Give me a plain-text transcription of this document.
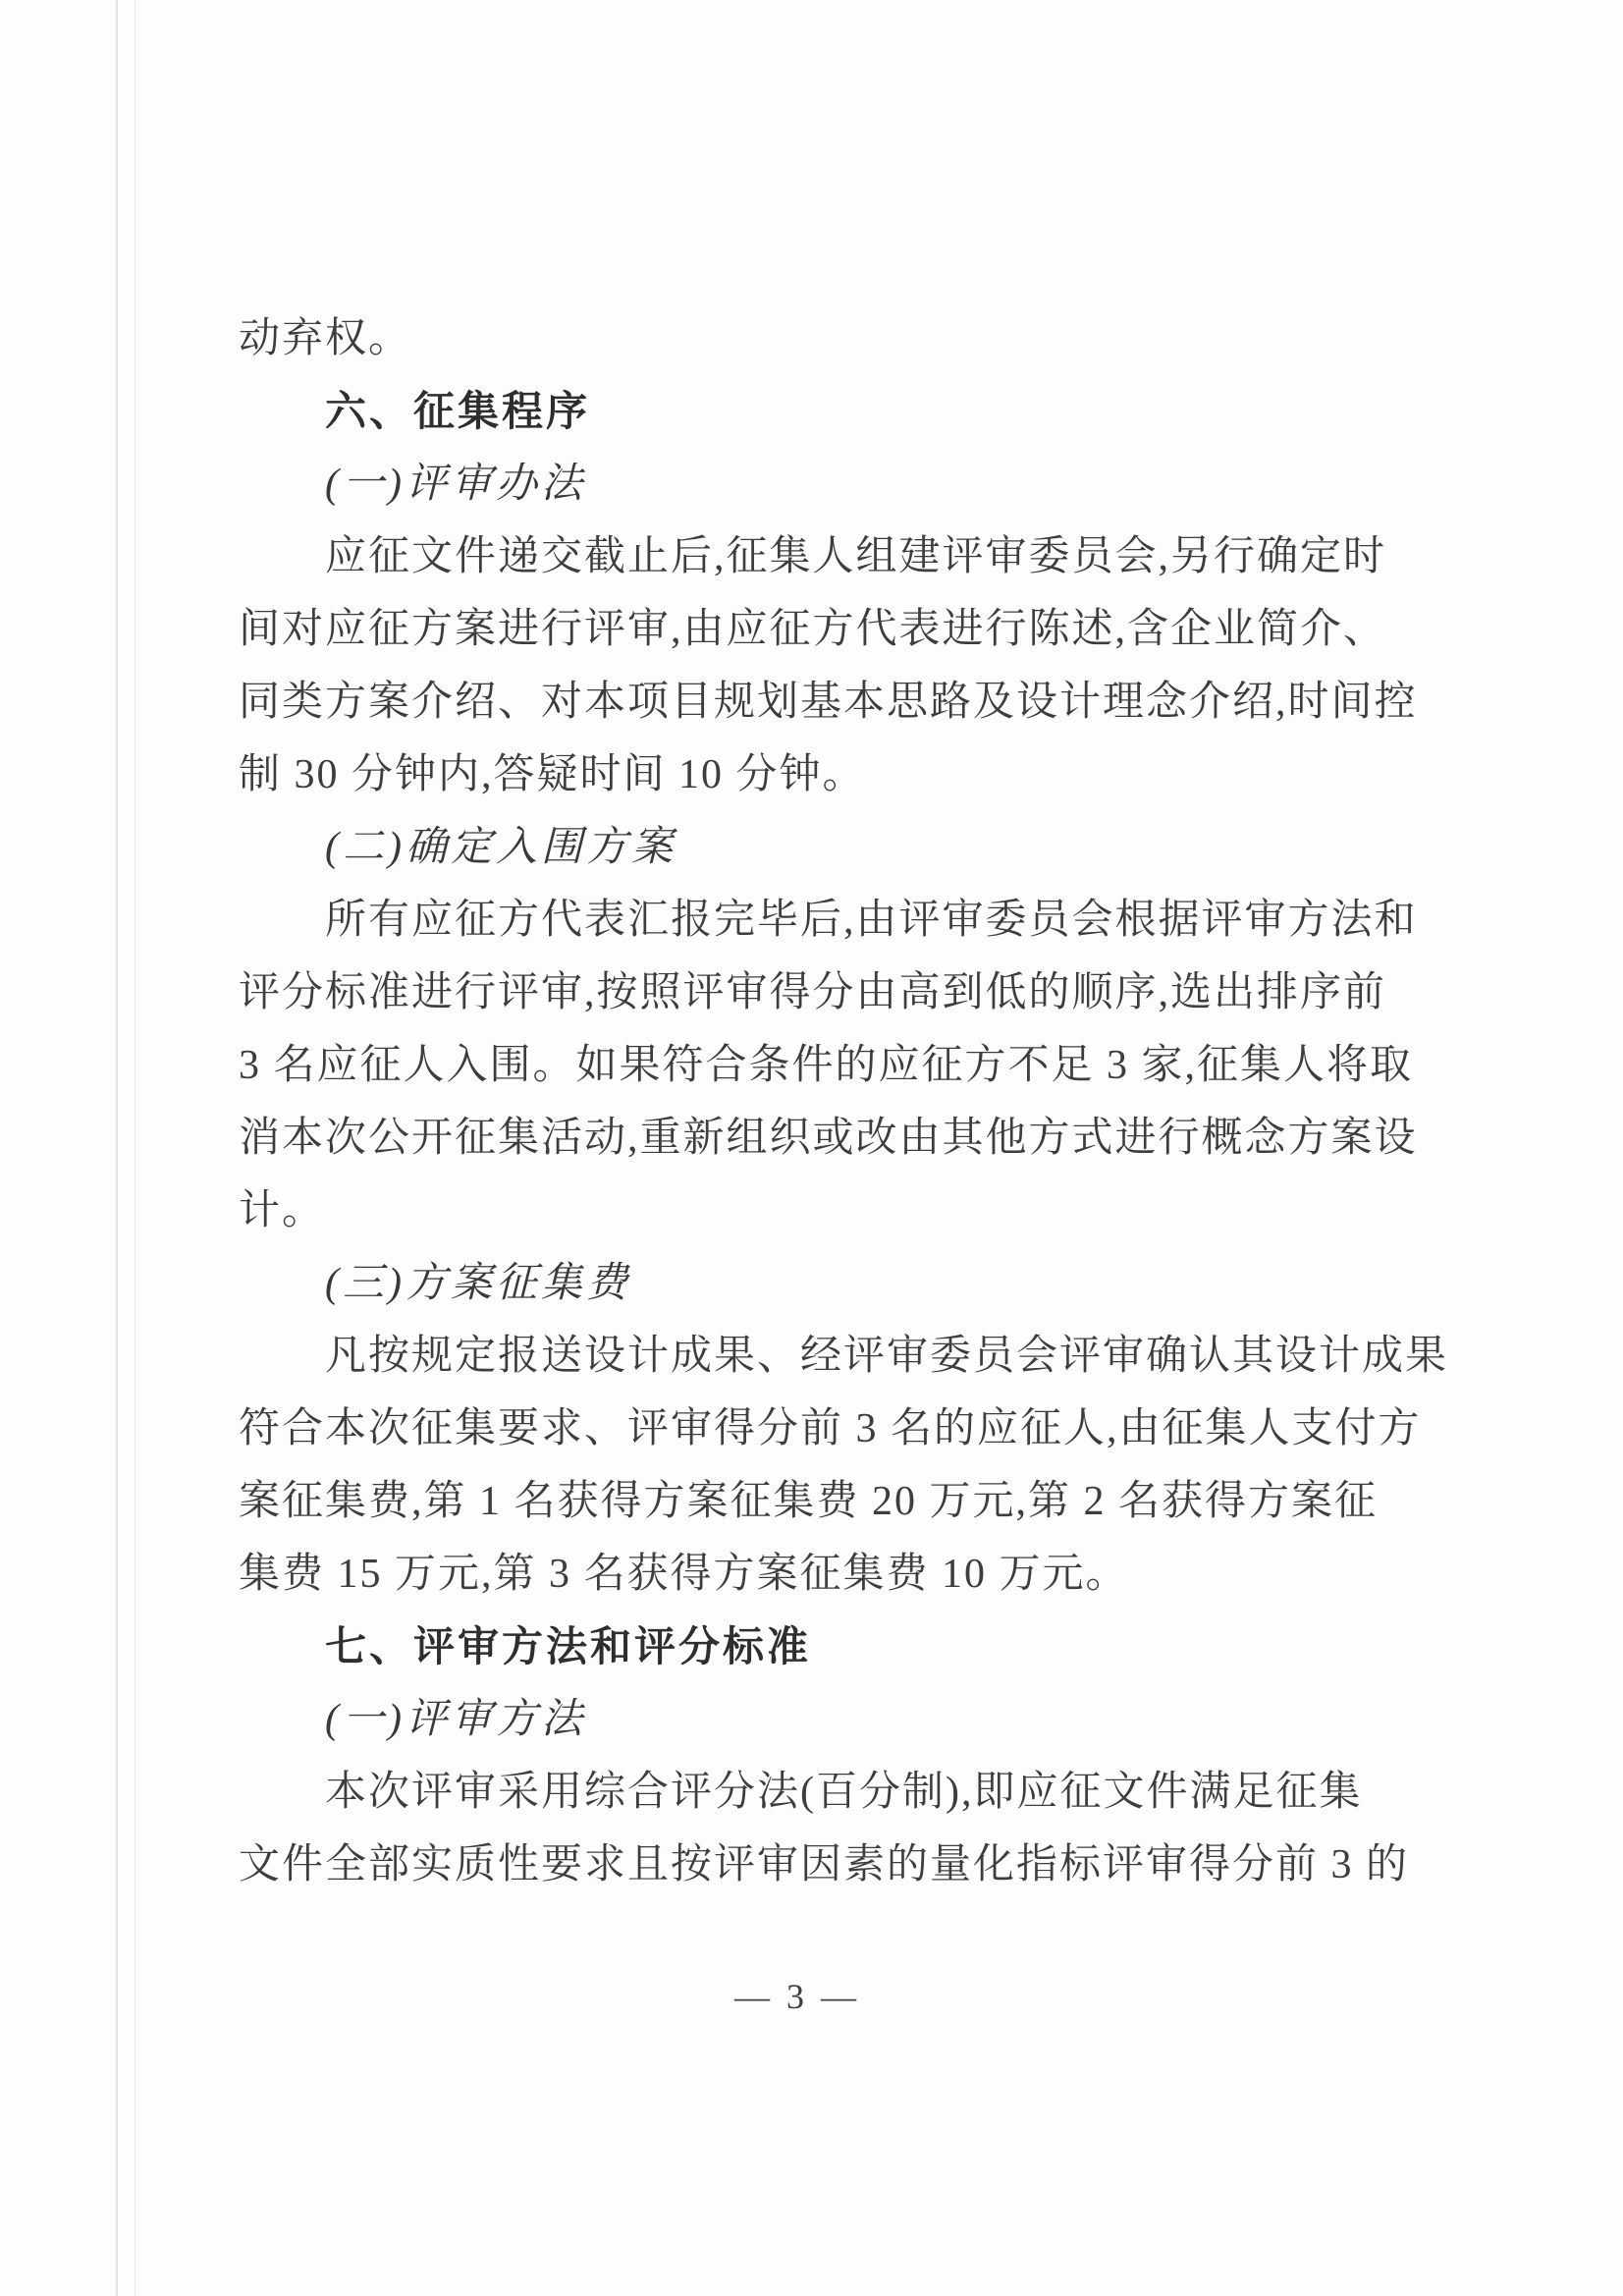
动弃权。
六、征集程序
(一)评审办法
应征文件递交截止后,征集人组建评审委员会,另行确定时
间对应征方案进行评审,由应征方代表进行陈述,含企业简介、
同类方案介绍、对本项目规划基本思路及设计理念介绍,时间控
制 30 分钟内,答疑时间 10 分钟。
(二)确定入围方案
所有应征方代表汇报完毕后,由评审委员会根据评审方法和
评分标准进行评审,按照评审得分由高到低的顺序,选出排序前
3 名应征人入围。如果符合条件的应征方不足 3 家,征集人将取
消本次公开征集活动,重新组织或改由其他方式进行概念方案设
计。
(三)方案征集费
凡按规定报送设计成果、经评审委员会评审确认其设计成果
符合本次征集要求、评审得分前 3 名的应征人,由征集人支付方
案征集费,第 1 名获得方案征集费 20 万元,第 2 名获得方案征
集费 15 万元,第 3 名获得方案征集费 10 万元。
七、评审方法和评分标准
(一)评审方法
本次评审采用综合评分法(百分制),即应征文件满足征集
文件全部实质性要求且按评审因素的量化指标评审得分前 3 的
— 3 —
